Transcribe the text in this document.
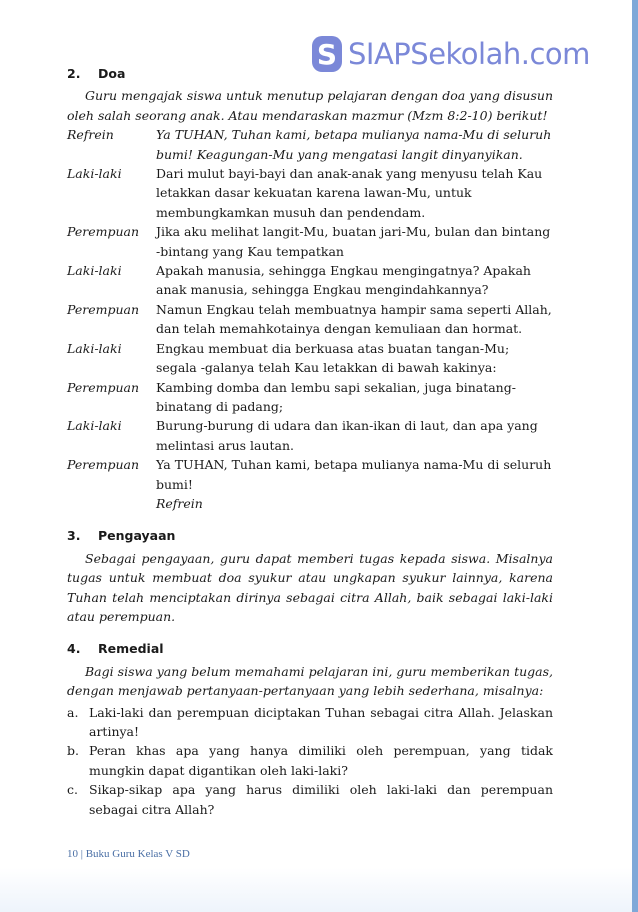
S SIAPSekolah.com
2.	Doa
Guru mengajak siswa untuk menutup pelajaran dengan doa yang disusun oleh salah seorang anak. Atau mendaraskan mazmur (Mzm 8:2-10) berikut!
Refrein	Ya TUHAN, Tuhan kami, betapa mulianya nama-Mu di seluruh bumi! Keagungan-Mu yang mengatasi langit dinyanyikan.
Laki-laki	Dari mulut bayi-bayi dan anak-anak yang menyusu telah Kau letakkan dasar kekuatan karena lawan-Mu, untuk membungkamkan musuh dan pendendam.
Perempuan	Jika aku melihat langit-Mu, buatan jari-Mu, bulan dan bintang -bintang yang Kau tempatkan
Laki-laki	Apakah manusia, sehingga Engkau mengingatnya? Apakah anak manusia, sehingga Engkau mengindahkannya?
Perempuan	Namun Engkau telah membuatnya hampir sama seperti Allah, dan telah memahkotainya dengan kemuliaan dan hormat.
Laki-laki	Engkau membuat dia berkuasa atas buatan tangan-Mu; segala -galanya telah Kau letakkan di bawah kakinya:
Perempuan	Kambing domba dan lembu sapi sekalian, juga binatang-binatang di padang;
Laki-laki	Burung-burung di udara dan ikan-ikan di laut, dan apa yang melintasi arus lautan.
Perempuan	Ya TUHAN, Tuhan kami, betapa mulianya nama-Mu di seluruh bumi!
Refrein
3.	Pengayaan
Sebagai pengayaan, guru dapat memberi tugas kepada siswa. Misalnya tugas untuk membuat doa syukur atau ungkapan syukur lainnya, karena Tuhan telah menciptakan dirinya sebagai citra Allah, baik sebagai laki-laki atau perempuan.
4.	Remedial
Bagi siswa yang belum memahami pelajaran ini, guru memberikan tugas, dengan menjawab pertanyaan-pertanyaan yang lebih sederhana, misalnya:
a. Laki-laki dan perempuan diciptakan Tuhan sebagai citra Allah. Jelaskan artinya!
b. Peran khas apa yang hanya dimiliki oleh perempuan, yang tidak mungkin dapat digantikan oleh laki-laki?
c. Sikap-sikap apa yang harus dimiliki oleh laki-laki dan perempuan sebagai citra Allah?
10 | Buku Guru Kelas V SD
